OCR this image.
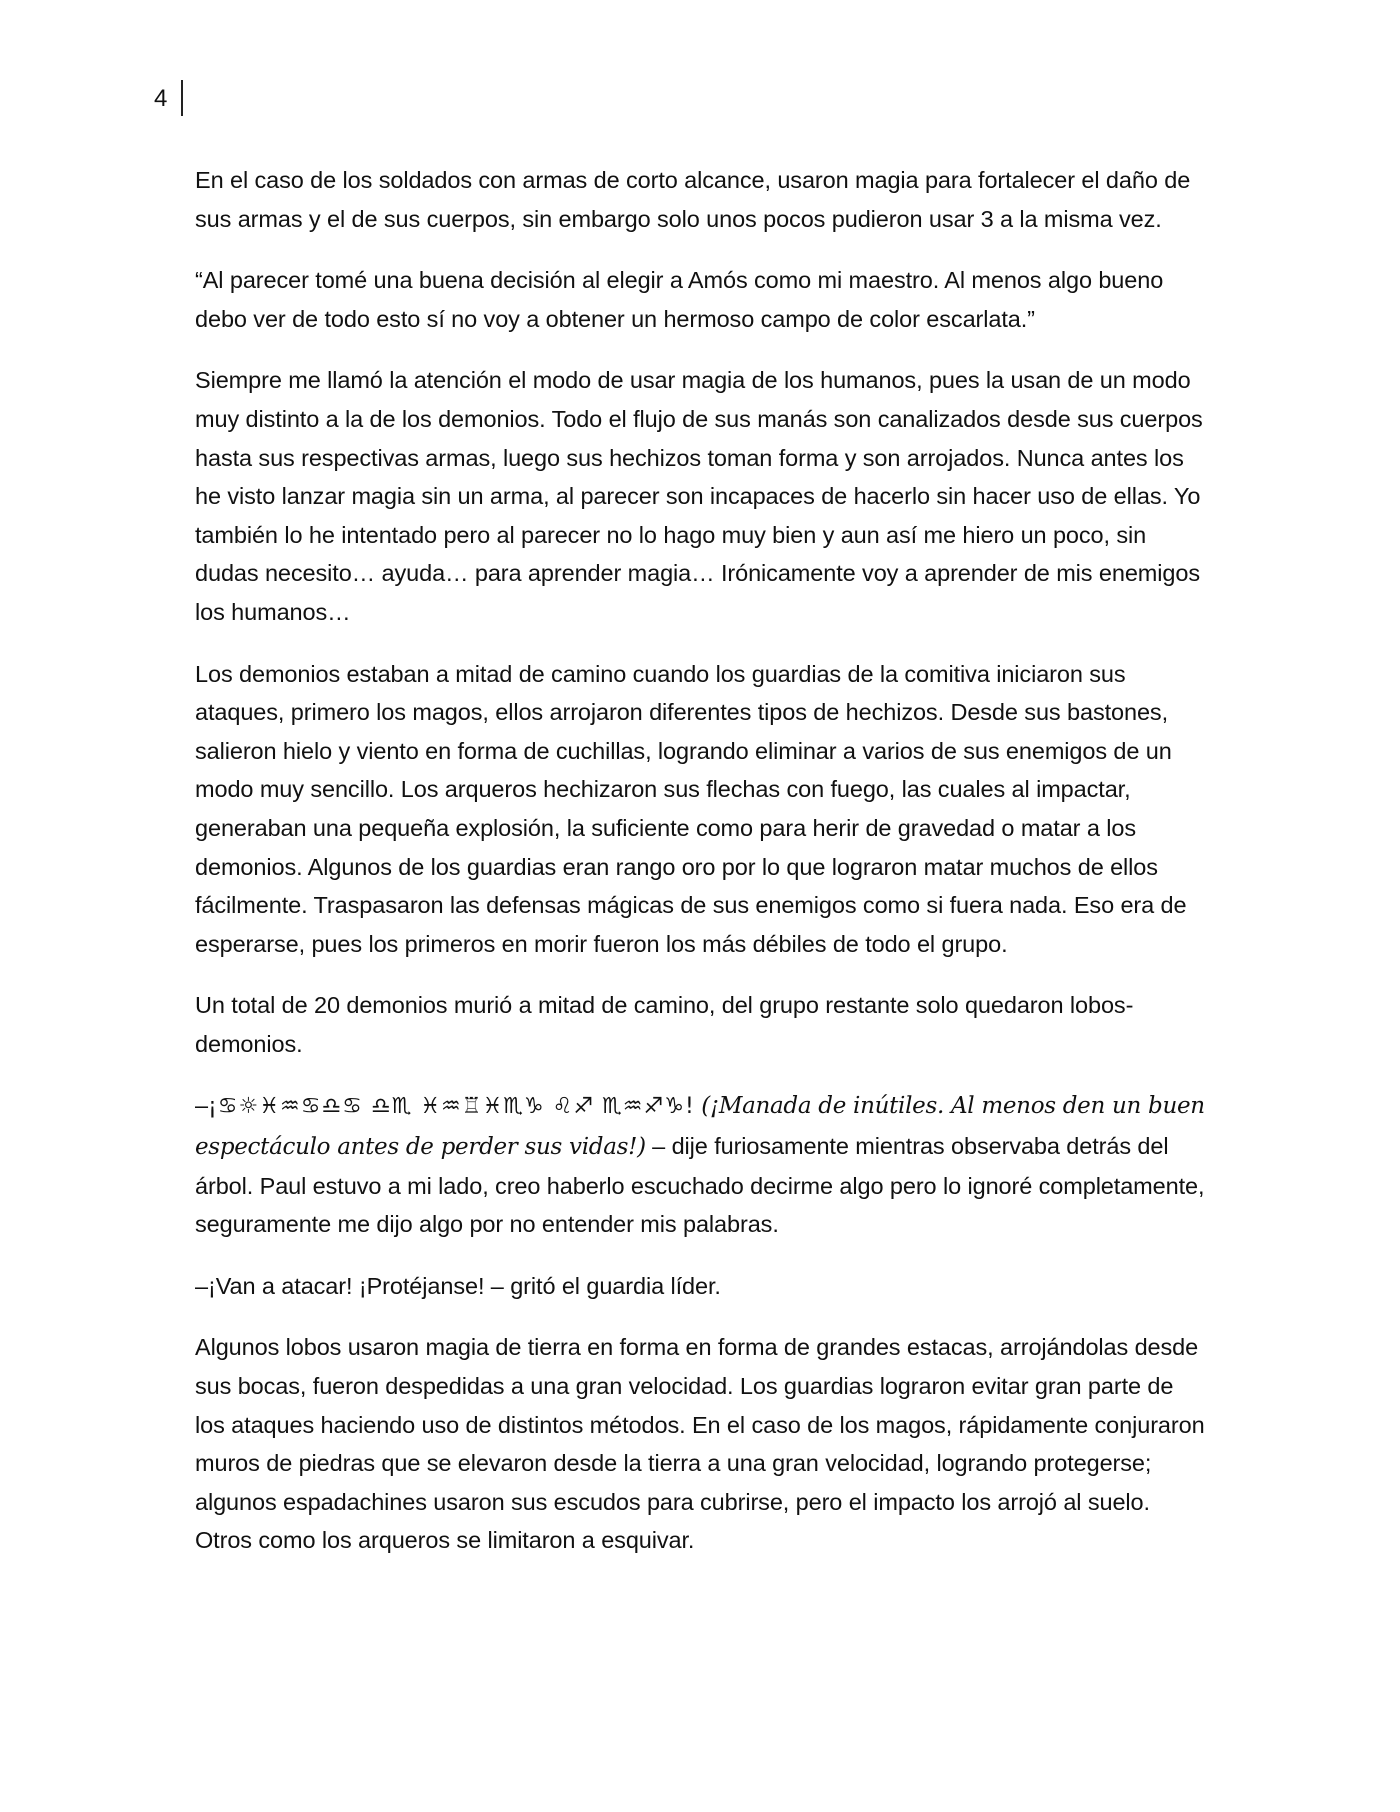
4

En el caso de los soldados con armas de corto alcance, usaron magia para fortalecer el daño de sus armas y el de sus cuerpos, sin embargo solo unos pocos pudieron usar 3 a la misma vez.

“Al parecer tomé una buena decisión al elegir a Amós como mi maestro. Al menos algo bueno debo ver de todo esto sí no voy a obtener un hermoso campo de color escarlata.”

Siempre me llamó la atención el modo de usar magia de los humanos, pues la usan de un modo muy distinto a la de los demonios. Todo el flujo de sus manás son canalizados desde sus cuerpos hasta sus respectivas armas, luego sus hechizos toman forma y son arrojados. Nunca antes los he visto lanzar magia sin un arma, al parecer son incapaces de hacerlo sin hacer uso de ellas. Yo también lo he intentado pero al parecer no lo hago muy bien y aun así me hiero un poco, sin dudas necesito… ayuda… para aprender magia… Irónicamente voy a aprender de mis enemigos los humanos…

Los demonios estaban a mitad de camino cuando los guardias de la comitiva iniciaron sus ataques, primero los magos, ellos arrojaron diferentes tipos de hechizos. Desde sus bastones, salieron hielo y viento en forma de cuchillas, logrando eliminar a varios de sus enemigos de un modo muy sencillo. Los arqueros hechizaron sus flechas con fuego, las cuales al impactar, generaban una pequeña explosión, la suficiente como para herir de gravedad o matar a los demonios. Algunos de los guardias eran rango oro por lo que lograron matar muchos de ellos fácilmente. Traspasaron las defensas mágicas de sus enemigos como si fuera nada. Eso era de esperarse, pues los primeros en morir fueron los más débiles de todo el grupo.

Un total de 20 demonios murió a mitad de camino, del grupo restante solo quedaron lobos-demonios.

–¡♋☼♓♒♋♎♋ ♎♏ ♓♒♖♓♏♑ ♌♐ ♏♒♐♑! (¡Manada de inútiles. Al menos den un buen espectáculo antes de perder sus vidas!) – dije furiosamente mientras observaba detrás del árbol. Paul estuvo a mi lado, creo haberlo escuchado decirme algo pero lo ignoré completamente, seguramente me dijo algo por no entender mis palabras.

–¡Van a atacar! ¡Protéjanse! – gritó el guardia líder.

Algunos lobos usaron magia de tierra en forma en forma de grandes estacas, arrojándolas desde sus bocas, fueron despedidas a una gran velocidad. Los guardias lograron evitar gran parte de los ataques haciendo uso de distintos métodos. En el caso de los magos, rápidamente conjuraron muros de piedras que se elevaron desde la tierra a una gran velocidad, logrando protegerse; algunos espadachines usaron sus escudos para cubrirse, pero el impacto los arrojó al suelo. Otros como los arqueros se limitaron a esquivar.
